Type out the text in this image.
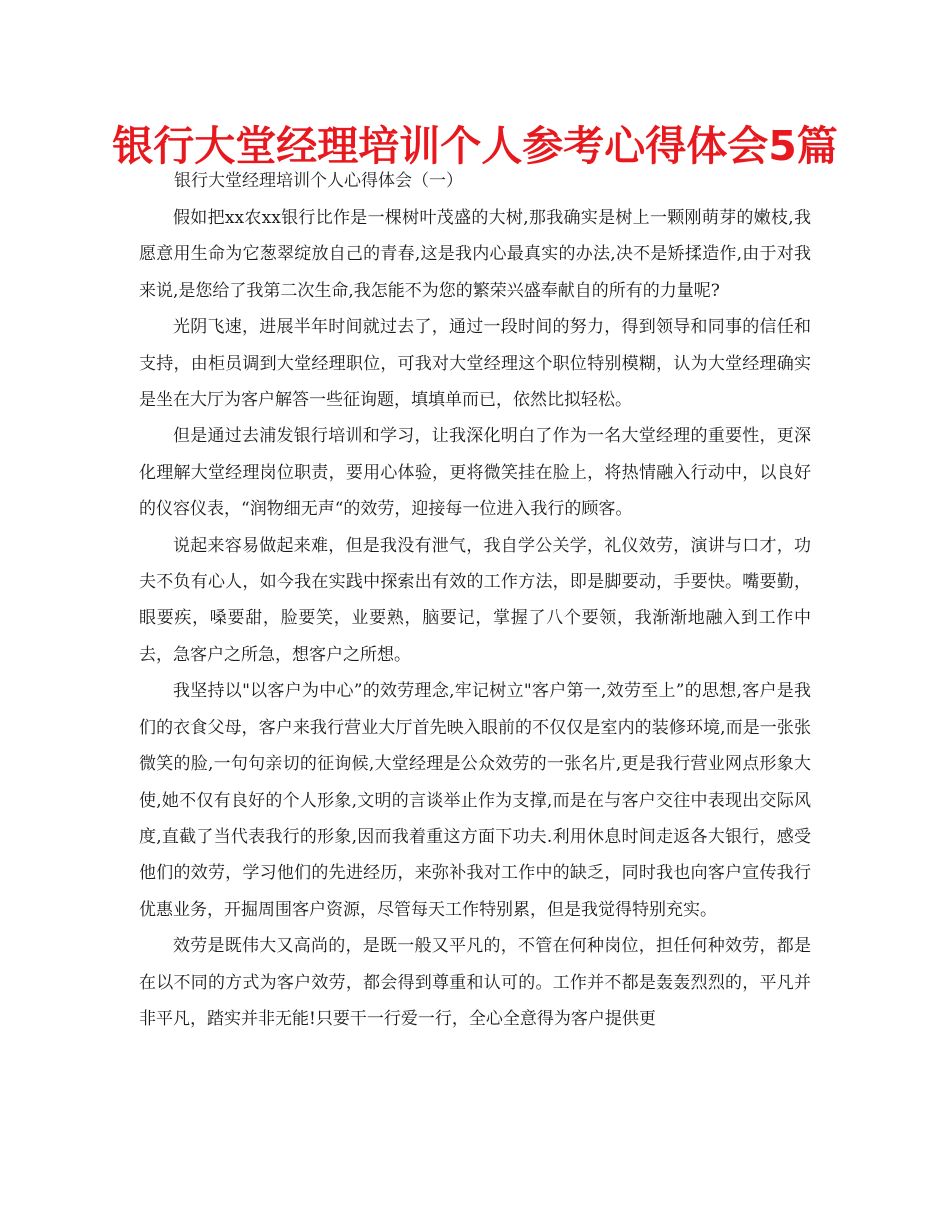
银行大堂经理培训个人参考心得体会5篇
银行大堂经理培训个人心得体会（一）

假如把xx农xx银行比作是一棵树叶茂盛的大树,那我确实是树上一颗刚萌芽的嫩枝,我愿意用生命为它葱翠绽放自己的青春,这是我内心最真实的办法,决不是矫揉造作,由于对我来说,是您给了我第二次生命,我怎能不为您的繁荣兴盛奉献自的所有的力量呢?

光阴飞速，进展半年时间就过去了，通过一段时间的努力，得到领导和同事的信任和支持，由柜员调到大堂经理职位，可我对大堂经理这个职位特别模糊，认为大堂经理确实是坐在大厅为客户解答一些征询题，填填单而已，依然比拟轻松。

但是通过去浦发银行培训和学习，让我深化明白了作为一名大堂经理的重要性，更深化理解大堂经理岗位职责，要用心体验，更将微笑挂在脸上，将热情融入行动中，以良好的仪容仪表，“润物细无声“的效劳，迎接每一位进入我行的顾客。

说起来容易做起来难，但是我没有泄气，我自学公关学，礼仪效劳，演讲与口才，功夫不负有心人，如今我在实践中探索出有效的工作方法，即是脚要动，手要快。嘴要勤，眼要疾，嗓要甜，脸要笑，业要熟，脑要记，掌握了八个要领，我渐渐地融入到工作中去，急客户之所急，想客户之所想。

我坚持以"以客户为中心”的效劳理念,牢记树立"客户第一,效劳至上”的思想,客户是我们的衣食父母，客户来我行营业大厅首先映入眼前的不仅仅是室内的装修环境,而是一张张微笑的脸,一句句亲切的征询候,大堂经理是公众效劳的一张名片,更是我行营业网点形象大使,她不仅有良好的个人形象,文明的言谈举止作为支撑,而是在与客户交往中表现出交际风度,直截了当代表我行的形象,因而我着重这方面下功夫.利用休息时间走返各大银行，感受他们的效劳，学习他们的先进经历，来弥补我对工作中的缺乏，同时我也向客户宣传我行优惠业务，开掘周围客户资源，尽管每天工作特别累，但是我觉得特别充实。

效劳是既伟大又高尚的，是既一般又平凡的，不管在何种岗位，担任何种效劳，都是在以不同的方式为客户效劳，都会得到尊重和认可的。工作并不都是轰轰烈烈的，平凡并非平凡，踏实并非无能!只要干一行爱一行，全心全意得为客户提供更
